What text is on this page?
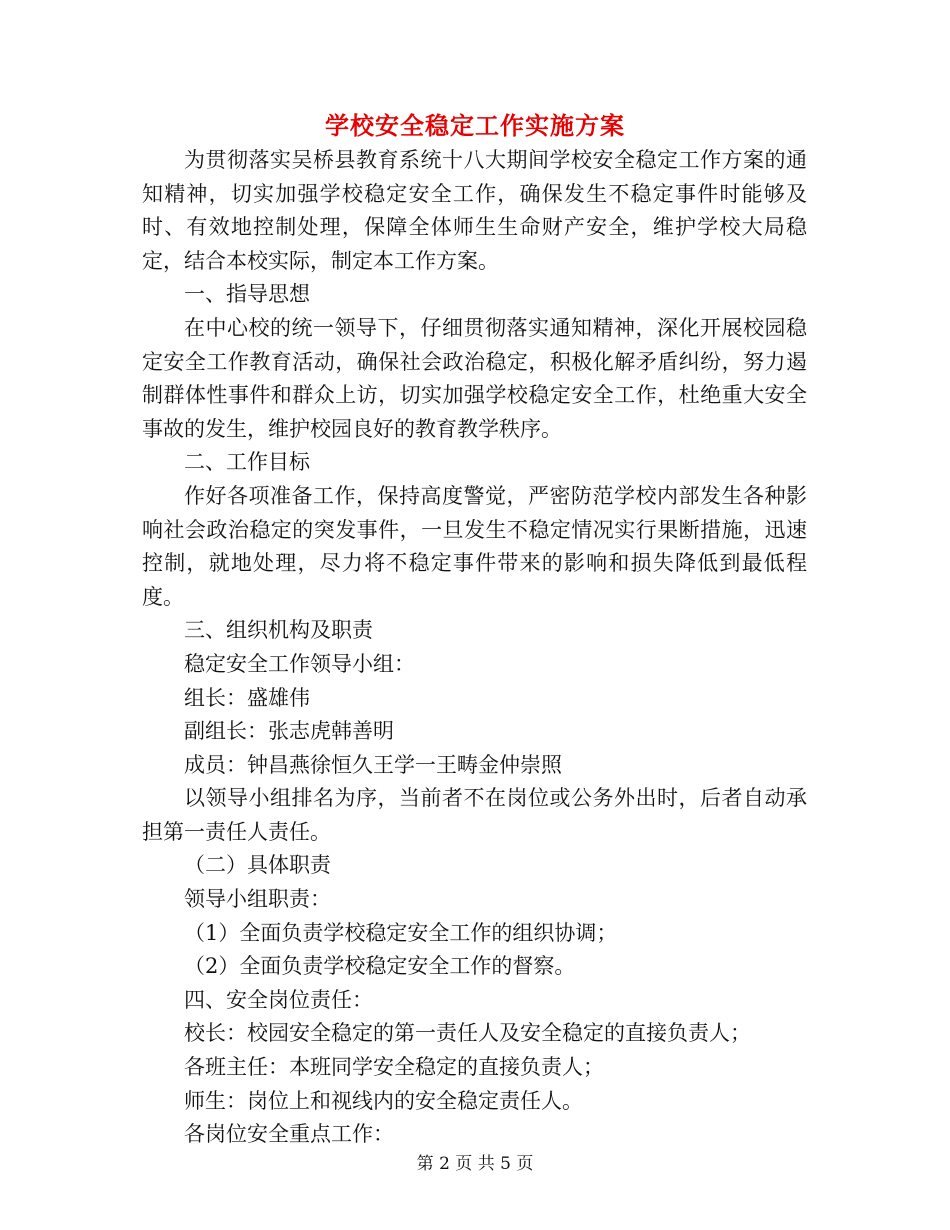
学校安全稳定工作实施方案

为贯彻落实吴桥县教育系统十八大期间学校安全稳定工作方案的通知精神，切实加强学校稳定安全工作，确保发生不稳定事件时能够及时、有效地控制处理，保障全体师生生命财产安全，维护学校大局稳定，结合本校实际，制定本工作方案。

一、指导思想

在中心校的统一领导下，仔细贯彻落实通知精神，深化开展校园稳定安全工作教育活动，确保社会政治稳定，积极化解矛盾纠纷，努力遏制群体性事件和群众上访，切实加强学校稳定安全工作，杜绝重大安全事故的发生，维护校园良好的教育教学秩序。

二、工作目标

作好各项准备工作，保持高度警觉，严密防范学校内部发生各种影响社会政治稳定的突发事件，一旦发生不稳定情况实行果断措施，迅速控制，就地处理，尽力将不稳定事件带来的影响和损失降低到最低程度。

三、组织机构及职责

稳定安全工作领导小组：

组长：盛雄伟

副组长：张志虎韩善明

成员：钟昌燕徐恒久王学一王畴金仲崇照

以领导小组排名为序，当前者不在岗位或公务外出时，后者自动承担第一责任人责任。

（二）具体职责

领导小组职责：

（1）全面负责学校稳定安全工作的组织协调；

（2）全面负责学校稳定安全工作的督察。

四、安全岗位责任：

校长：校园安全稳定的第一责任人及安全稳定的直接负责人；

各班主任：本班同学安全稳定的直接负责人；

师生：岗位上和视线内的安全稳定责任人。

各岗位安全重点工作：

第 2 页 共 5 页
